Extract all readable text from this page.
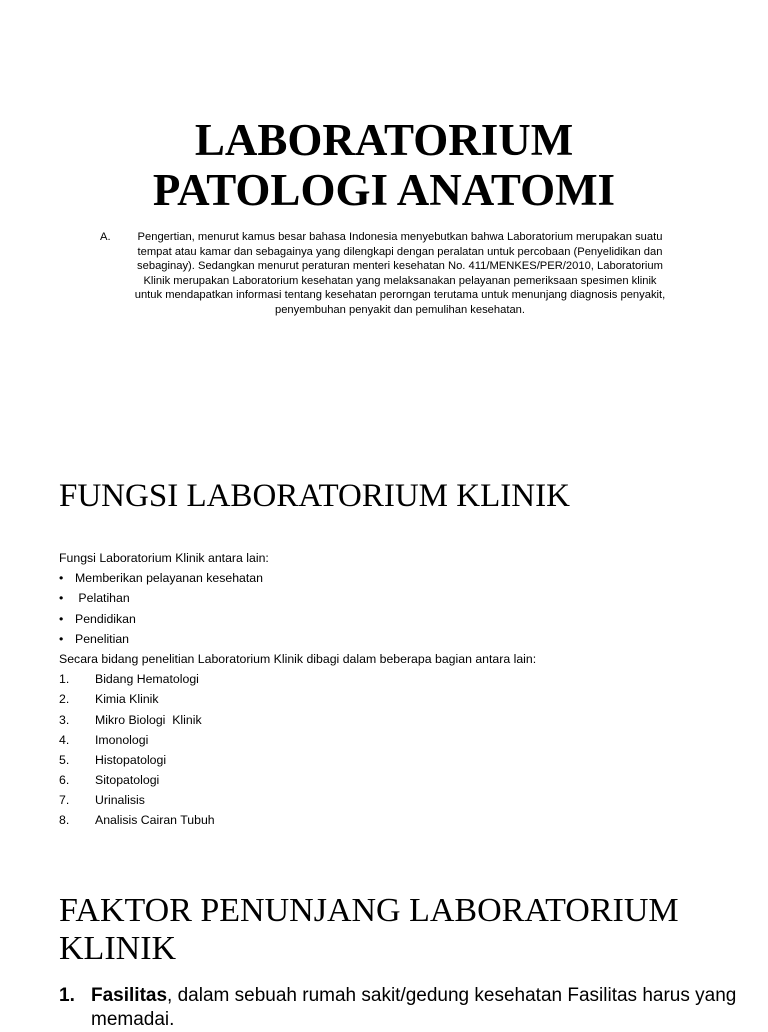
LABORATORIUM
PATOLOGI ANATOMI
A.	Pengertian, menurut kamus besar bahasa Indonesia menyebutkan bahwa Laboratorium merupakan suatu tempat atau kamar dan sebagainya yang dilengkapi dengan peralatan untuk percobaan (Penyelidikan dan sebaginay). Sedangkan menurut peraturan menteri kesehatan No. 411/MENKES/PER/2010, Laboratorium Klinik merupakan Laboratorium kesehatan yang melaksanakan pelayanan pemeriksaan spesimen klinik untuk mendapatkan informasi tentang kesehatan perorngan terutama untuk menunjang diagnosis penyakit, penyembuhan penyakit dan pemulihan kesehatan.
FUNGSI LABORATORIUM KLINIK
Fungsi Laboratorium Klinik antara lain:
• Memberikan pelayanan kesehatan
• Pelatihan
• Pendidikan
• Penelitian
Secara bidang penelitian Laboratorium Klinik dibagi dalam beberapa bagian antara lain:
1. Bidang Hematologi
2. Kimia Klinik
3. Mikro Biologi  Klinik
4. Imonologi
5. Histopatologi
6. Sitopatologi
7. Urinalisis
8. Analisis Cairan Tubuh
FAKTOR PENUNJANG LABORATORIUM
KLINIK
1. Fasilitas, dalam sebuah rumah sakit/gedung kesehatan Fasilitas harus yang memadai.
